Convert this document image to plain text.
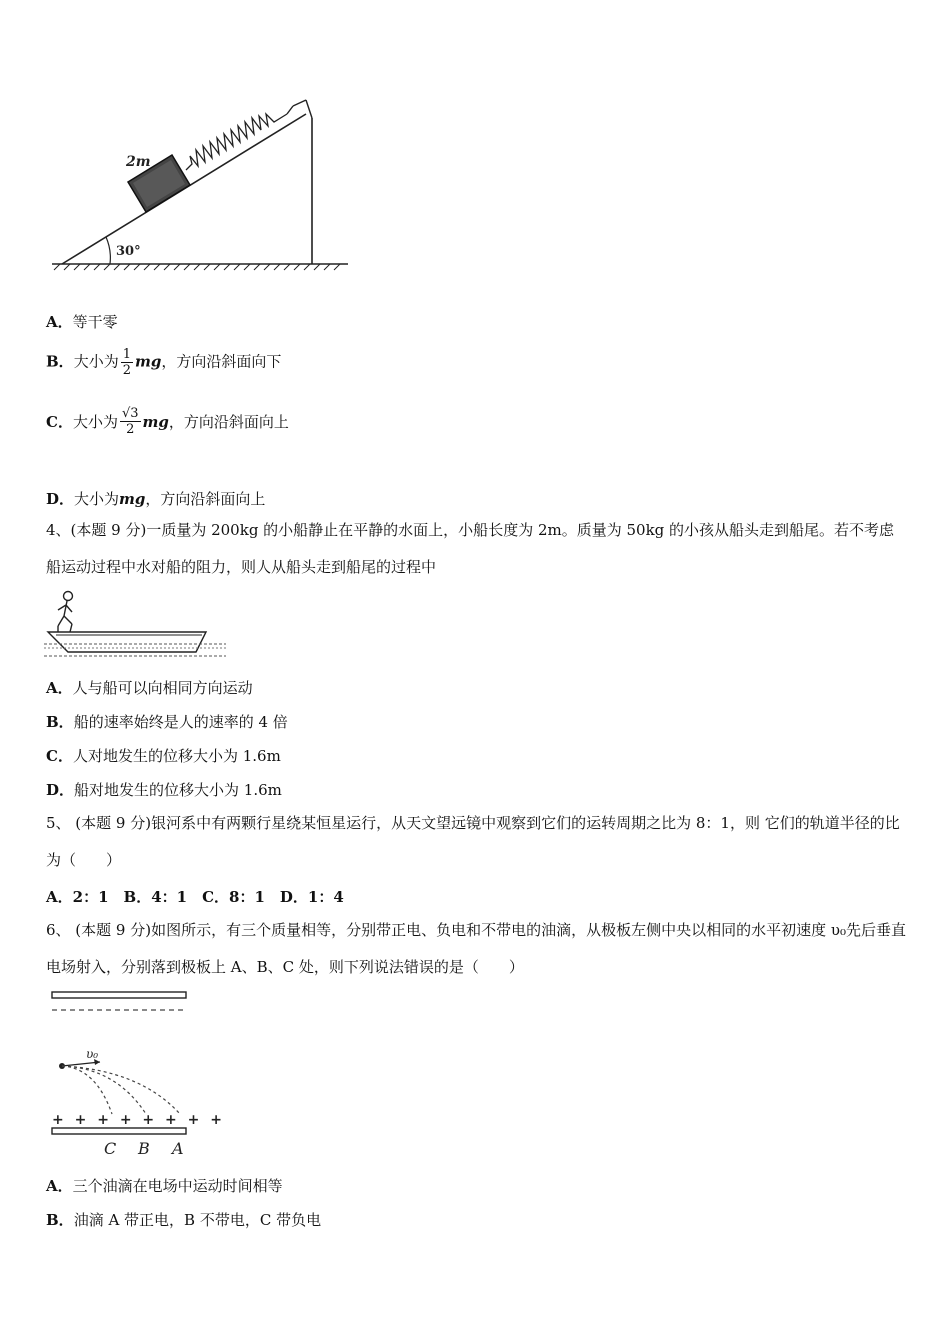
2m
30°
A．等干零
B．大小为 $\frac{1}{2}$ mg，方向沿斜面向下
C．大小为 $\frac{√3}{2}$ mg，方向沿斜面向上
D．大小为mg，方向沿斜面向上
4、(本题 9 分)一质量为 200kg 的小船静止在平静的水面上，小船长度为 2m。质量为 50kg 的小孩从船头走到船尾。若不考虑船运动过程中水对船的阻力，则人从船头走到船尾的过程中
A．人与船可以向相同方向运动
B．船的速率始终是人的速率的 4 倍
C．人对地发生的位移大小为 1.6m
D．船对地发生的位移大小为 1.6m
5、 (本题 9 分)银河系中有两颗行星绕某恒星运行，从天文望远镜中观察到它们的运转周期之比为 8：1，则 它们的轨道半径的比为（　　）
A．2：1　B．4：1　C．8：1　D．1：4
6、 (本题 9 分)如图所示，有三个质量相等，分别带正电、负电和不带电的油滴，从极板左侧中央以相同的水平初速度 υ₀先后垂直电场射入，分别落到极板上 A、B、C 处，则下列说法错误的是（　　）
υ₀
+ + + + + + + +
C B A
A．三个油滴在电场中运动时间相等
B．油滴 A 带正电，B 不带电，C 带负电
